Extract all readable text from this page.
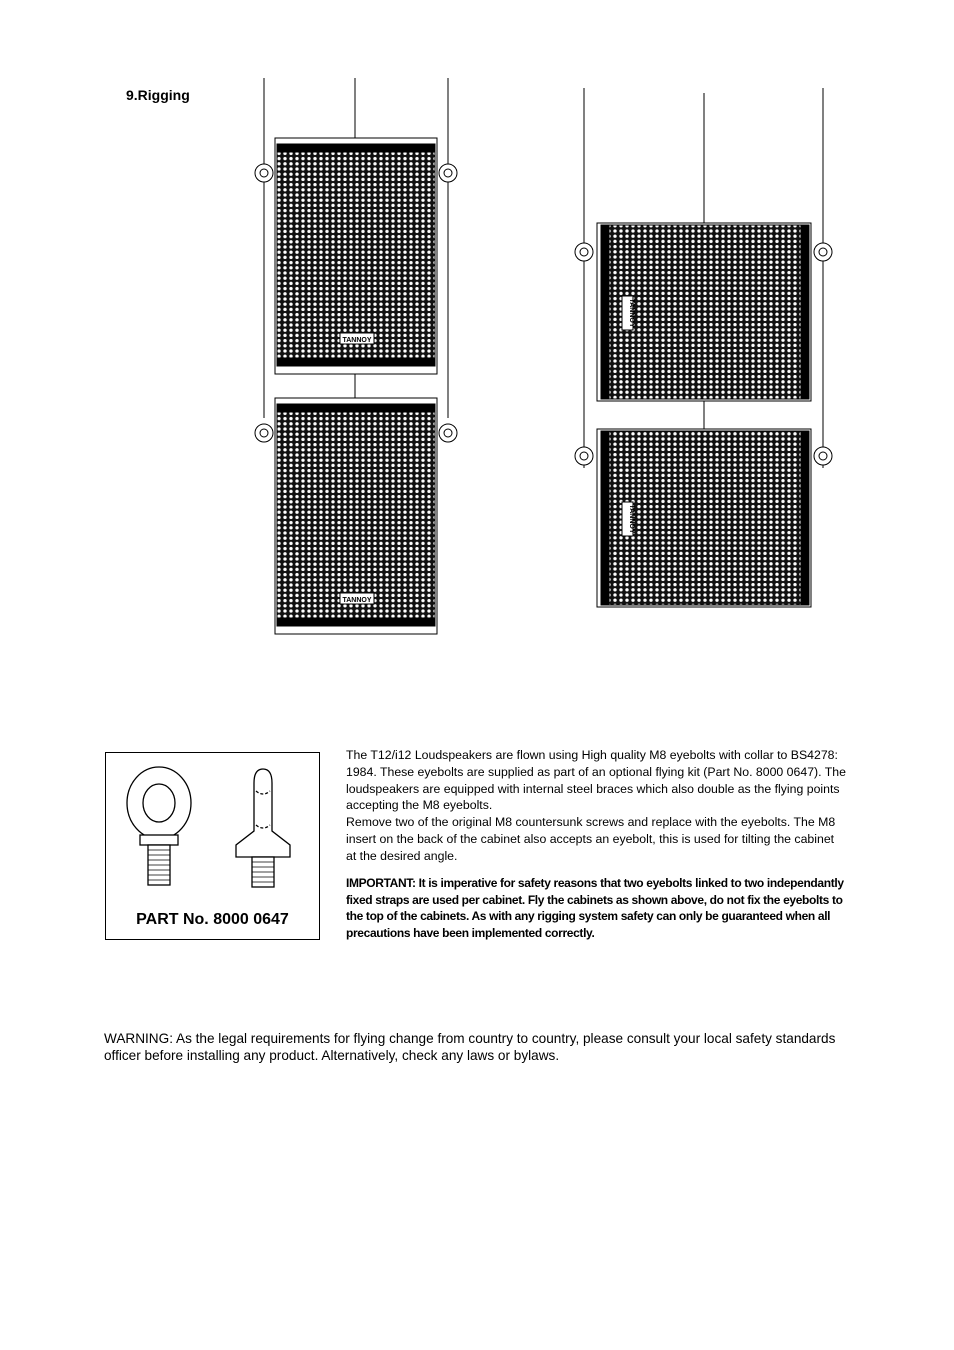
9.Rigging
TANNOY
TANNOY
TANNOY
TANNOY
PART No. 8000 0647

The T12/i12 Loudspeakers are flown using High quality M8 eyebolts with collar to BS4278: 1984. These eyebolts are supplied as part of an optional flying kit (Part No. 8000 0647). The loudspeakers are equipped with internal steel braces which also double as the flying points accepting the M8 eyebolts.

Remove two of the original M8 countersunk screws and replace with the eyebolts. The M8 insert on the back of the cabinet also accepts an eyebolt, this is used for tilting the cabinet at the desired angle.

IMPORTANT: It is imperative for safety reasons that two eyebolts linked to two independantly fixed straps are used per cabinet. Fly the cabinets as shown above, do not fix the eyebolts to the top of the cabinets. As with any rigging system safety can only be guaranteed when all precautions have been implemented correctly.
WARNING: As the legal requirements for flying change from country to country, please consult your local safety standards officer before installing any product. Alternatively, check any laws or bylaws.
